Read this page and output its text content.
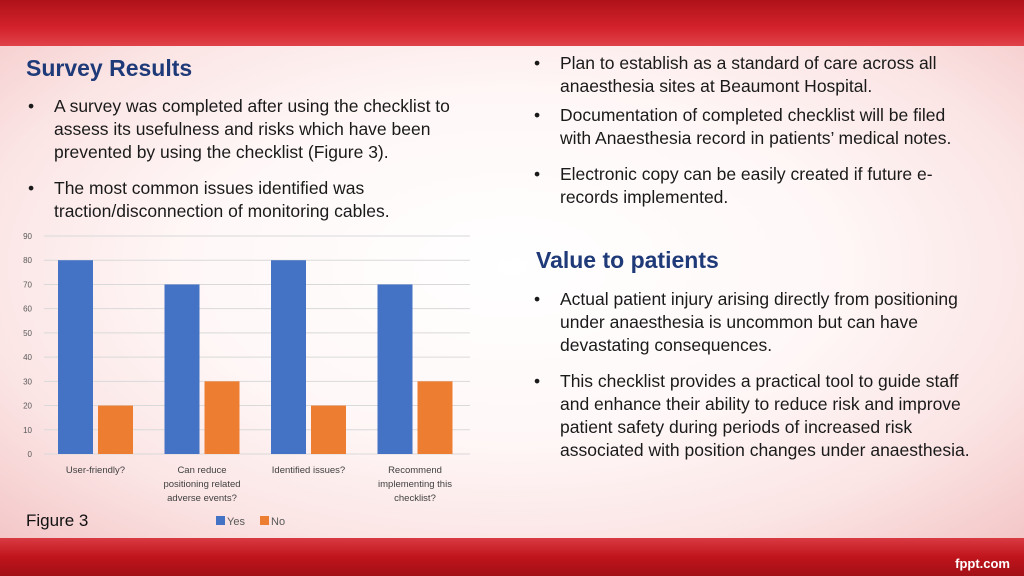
Survey Results
• A survey was completed after using the checklist to assess its usefulness and risks which have been prevented by using the checklist (Figure 3).
• The most common issues identified was traction/disconnection of monitoring cables.
0
10
20
30
40
50
60
70
80
90
User-friendly?	Can reduce
positioning related
adverse events?
Identified issues?	Recommend
implementing this
checklist?
Yes No
Figure 3
• Plan to establish as a standard of care across all anaesthesia sites at Beaumont Hospital.
• Documentation of completed checklist will be filed with Anaesthesia record in patients’ medical notes.
• Electronic copy can be easily created if future e-records implemented.
Value to patients
• Actual patient injury arising directly from positioning under anaesthesia is uncommon but can have devastating consequences.
• This checklist provides a practical tool to guide staff and enhance their ability to reduce risk and improve patient safety during periods of increased risk associated with position changes under anaesthesia.
fppt.com
